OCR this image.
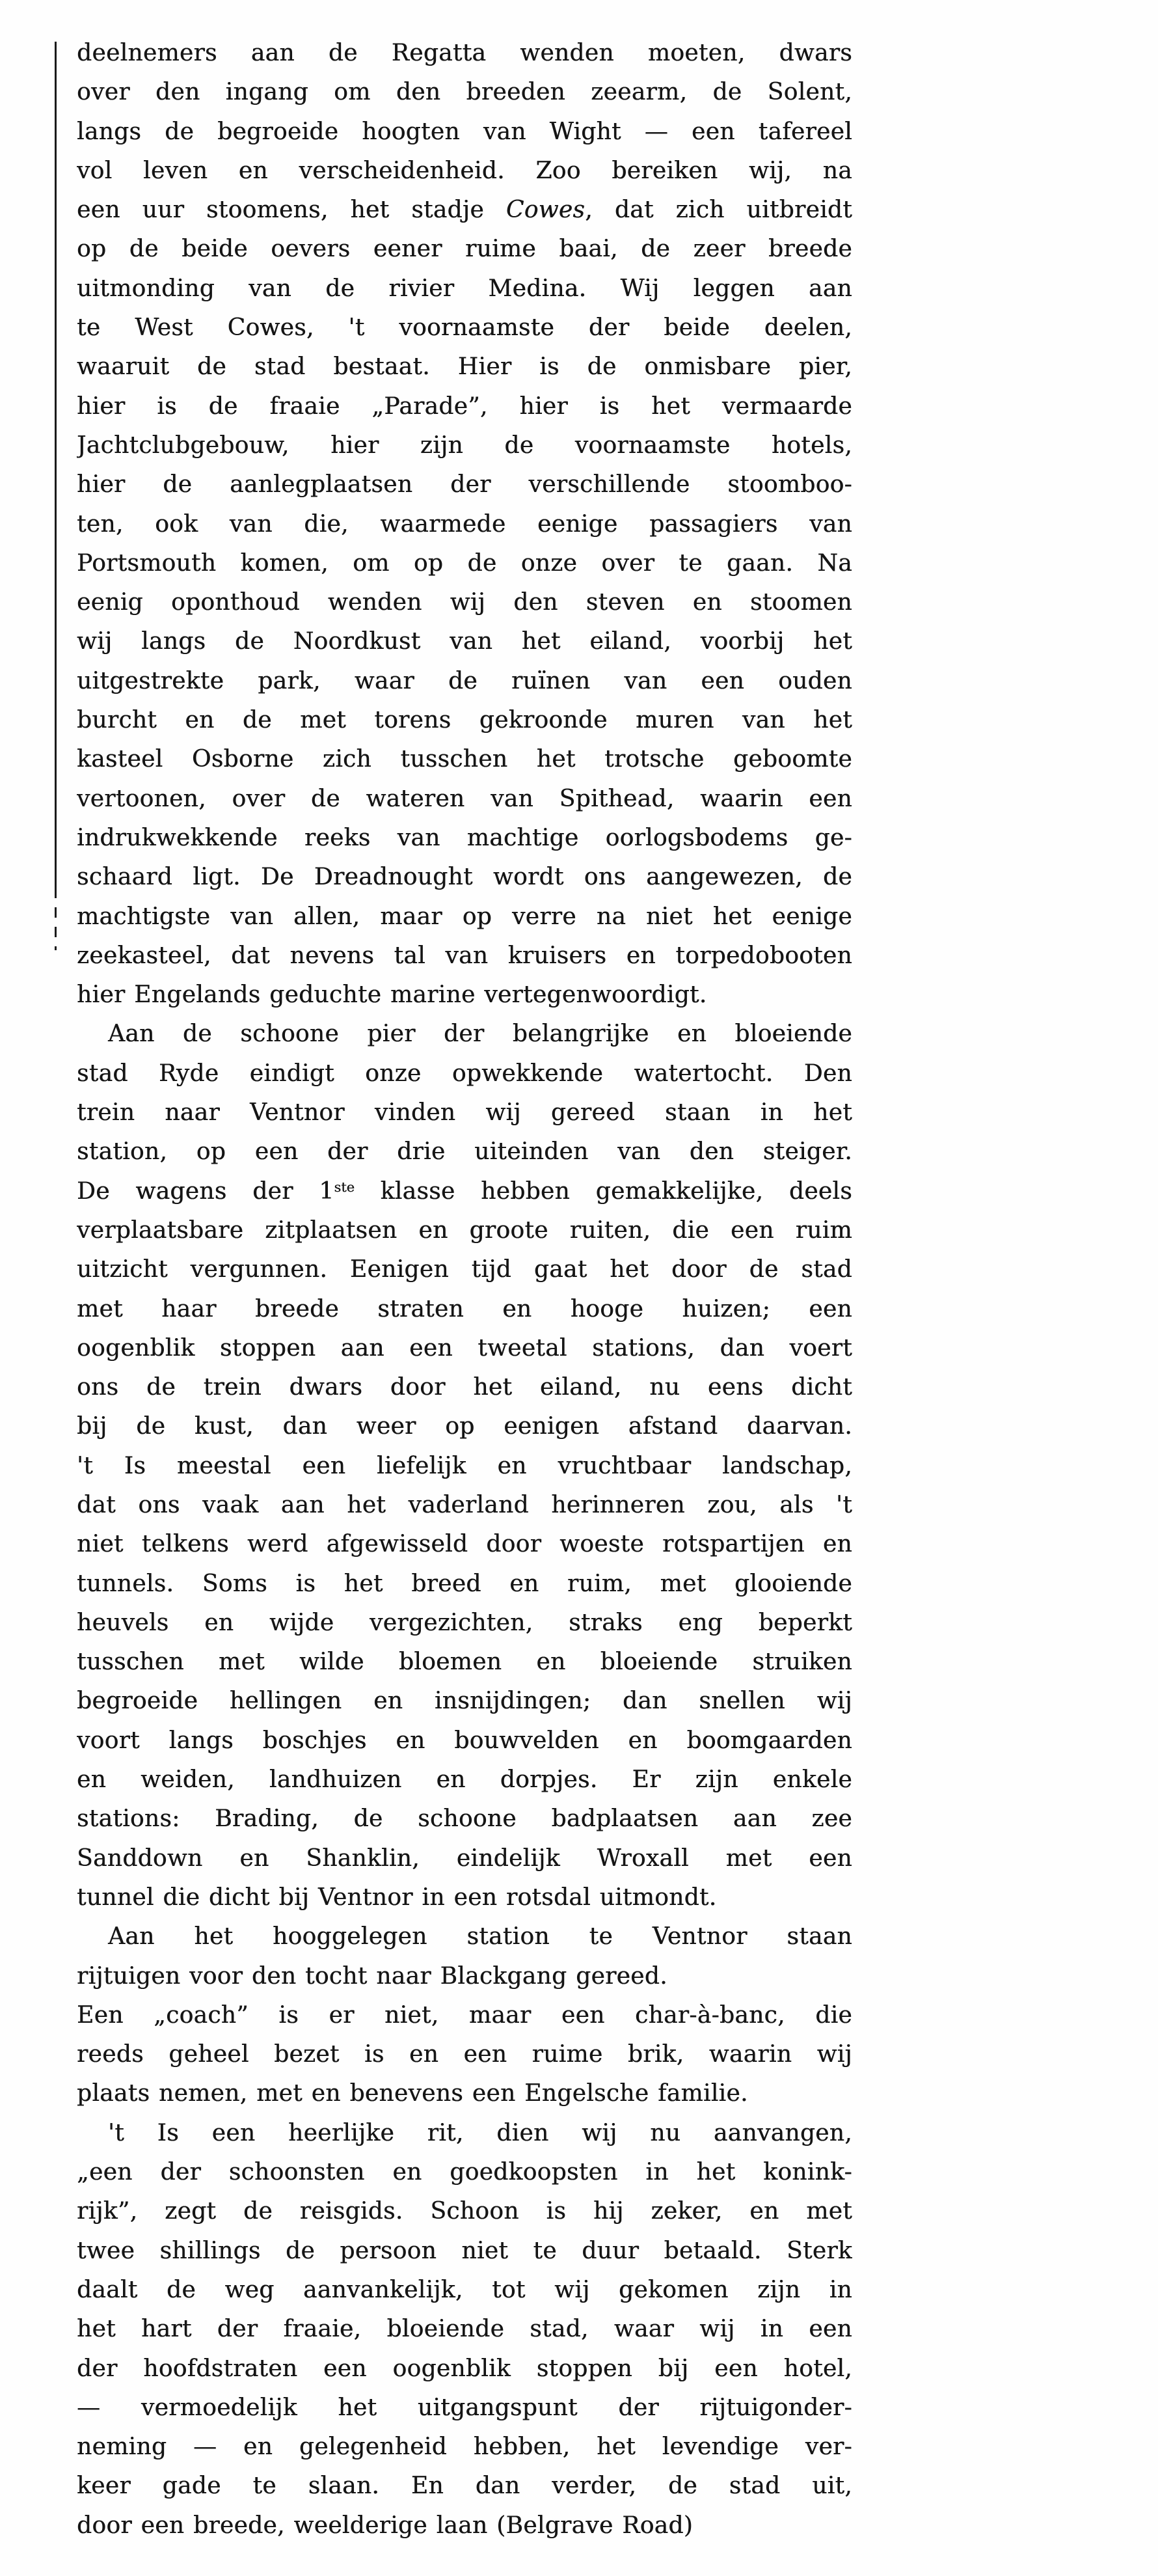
deelnemers aan de Regatta wenden moeten, dwars
over den ingang om den breeden zeearm, de Solent,
langs de begroeide hoogten van Wight — een tafereel
vol leven en verscheidenheid. Zoo bereiken wij, na
een uur stoomens, het stadje Cowes, dat zich uitbreidt
op de beide oevers eener ruime baai, de zeer breede
uitmonding van de rivier Medina. Wij leggen aan
te West Cowes, 't voornaamste der beide deelen,
waaruit de stad bestaat. Hier is de onmisbare pier,
hier is de fraaie „Parade”, hier is het vermaarde
Jachtclubgebouw, hier zijn de voornaamste hotels,
hier de aanlegplaatsen der verschillende stoomboo-
ten, ook van die, waarmede eenige passagiers van
Portsmouth komen, om op de onze over te gaan. Na
eenig oponthoud wenden wij den steven en stoomen
wij langs de Noordkust van het eiland, voorbij het
uitgestrekte park, waar de ruïnen van een ouden
burcht en de met torens gekroonde muren van het
kasteel Osborne zich tusschen het trotsche geboomte
vertoonen, over de wateren van Spithead, waarin een
indrukwekkende reeks van machtige oorlogsbodems ge-
schaard ligt. De Dreadnought wordt ons aangewezen, de
machtigste van allen, maar op verre na niet het eenige
zeekasteel, dat nevens tal van kruisers en torpedobooten
hier Engelands geduchte marine vertegenwoordigt.
Aan de schoone pier der belangrijke en bloeiende
stad Ryde eindigt onze opwekkende watertocht. Den
trein naar Ventnor vinden wij gereed staan in het
station, op een der drie uiteinden van den steiger.
De wagens der 1ste klasse hebben gemakkelijke, deels
verplaatsbare zitplaatsen en groote ruiten, die een ruim
uitzicht vergunnen. Eenigen tijd gaat het door de stad
met haar breede straten en hooge huizen; een
oogenblik stoppen aan een tweetal stations, dan voert
ons de trein dwars door het eiland, nu eens dicht
bij de kust, dan weer op eenigen afstand daarvan.
't Is meestal een liefelijk en vruchtbaar landschap,
dat ons vaak aan het vaderland herinneren zou, als 't
niet telkens werd afgewisseld door woeste rotspartijen en
tunnels. Soms is het breed en ruim, met glooiende
heuvels en wijde vergezichten, straks eng beperkt
tusschen met wilde bloemen en bloeiende struiken
begroeide hellingen en insnijdingen; dan snellen wij
voort langs boschjes en bouwvelden en boomgaarden
en weiden, landhuizen en dorpjes. Er zijn enkele
stations: Brading, de schoone badplaatsen aan zee
Sanddown en Shanklin, eindelijk Wroxall met een
tunnel die dicht bij Ventnor in een rotsdal uitmondt.
Aan het hooggelegen station te Ventnor staan
rijtuigen voor den tocht naar Blackgang gereed.
Een „coach” is er niet, maar een char-à-banc, die
reeds geheel bezet is en een ruime brik, waarin wij
plaats nemen, met en benevens een Engelsche familie.
't Is een heerlijke rit, dien wij nu aanvangen,
„een der schoonsten en goedkoopsten in het konink-
rijk”, zegt de reisgids. Schoon is hij zeker, en met
twee shillings de persoon niet te duur betaald. Sterk
daalt de weg aanvankelijk, tot wij gekomen zijn in
het hart der fraaie, bloeiende stad, waar wij in een
der hoofdstraten een oogenblik stoppen bij een hotel,
— vermoedelijk het uitgangspunt der rijtuigonder-
neming — en gelegenheid hebben, het levendige ver-
keer gade te slaan. En dan verder, de stad uit,
door een breede, weelderige laan (Belgrave Road)
